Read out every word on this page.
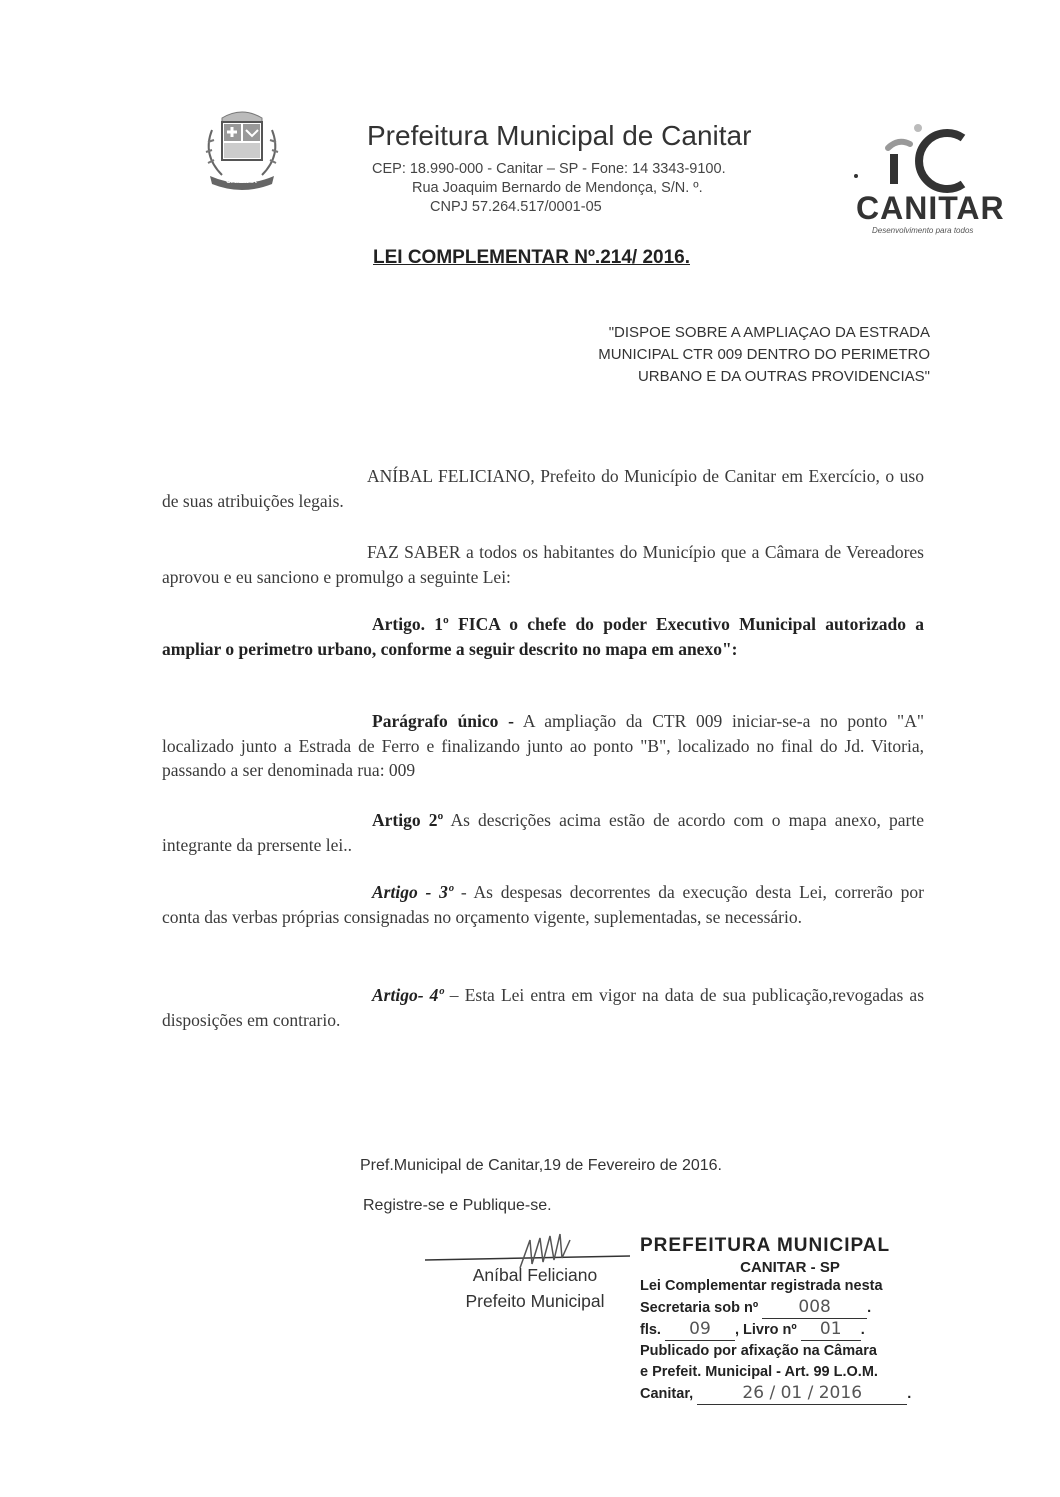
CANITAR
Prefeitura Municipal de Canitar
CEP: 18.990-000 - Canitar – SP - Fone: 14 3343-9100.
Rua Joaquim Bernardo de Mendonça, S/N. º.
CNPJ 57.264.517/0001-05	CANITAR
Desenvolvimento para todos
LEI COMPLEMENTAR Nº.214/ 2016.
"DISPOE SOBRE A AMPLIAÇAO DA ESTRADA
MUNICIPAL CTR 009 DENTRO DO PERIMETRO
URBANO E DA OUTRAS PROVIDENCIAS"
ANÍBAL FELICIANO, Prefeito do Município de Canitar em Exercício, o uso de suas atribuições legais.
FAZ SABER a todos os habitantes do Município que a Câmara de Vereadores aprovou e eu sanciono e promulgo a seguinte Lei:
Artigo. 1º FICA o chefe do poder Executivo Municipal autorizado a ampliar o perimetro urbano, conforme a seguir descrito no mapa em anexo":
Parágrafo único - A ampliação da CTR 009 iniciar-se-a no ponto "A" localizado junto a Estrada de Ferro e finalizando junto ao ponto "B", localizado no final do Jd. Vitoria, passando a ser denominada rua: 009
Artigo 2º As descrições acima estão de acordo com o mapa anexo, parte integrante da prersente lei..
Artigo - 3º - As despesas decorrentes da execução desta Lei, correrão por conta das verbas próprias consignadas no orçamento vigente, suplementadas, se necessário.
Artigo- 4º – Esta Lei entra em vigor na data de sua publicação,revogadas as disposições em contrario.
Pref.Municipal de Canitar,19 de Fevereiro de 2016.
Registre-se e Publique-se.
Aníbal Feliciano
Prefeito Municipal
PREFEITURA MUNICIPAL
CANITAR - SP
Lei Complementar registrada nesta
Secretaria sob nº 008	.
fls. 09 , Livro nº 01 .
Publicado por afixação na Câmara
e Prefeit. Municipal - Art. 99 L.O.M.
Canitar,	26 / 01 / 2016	.
